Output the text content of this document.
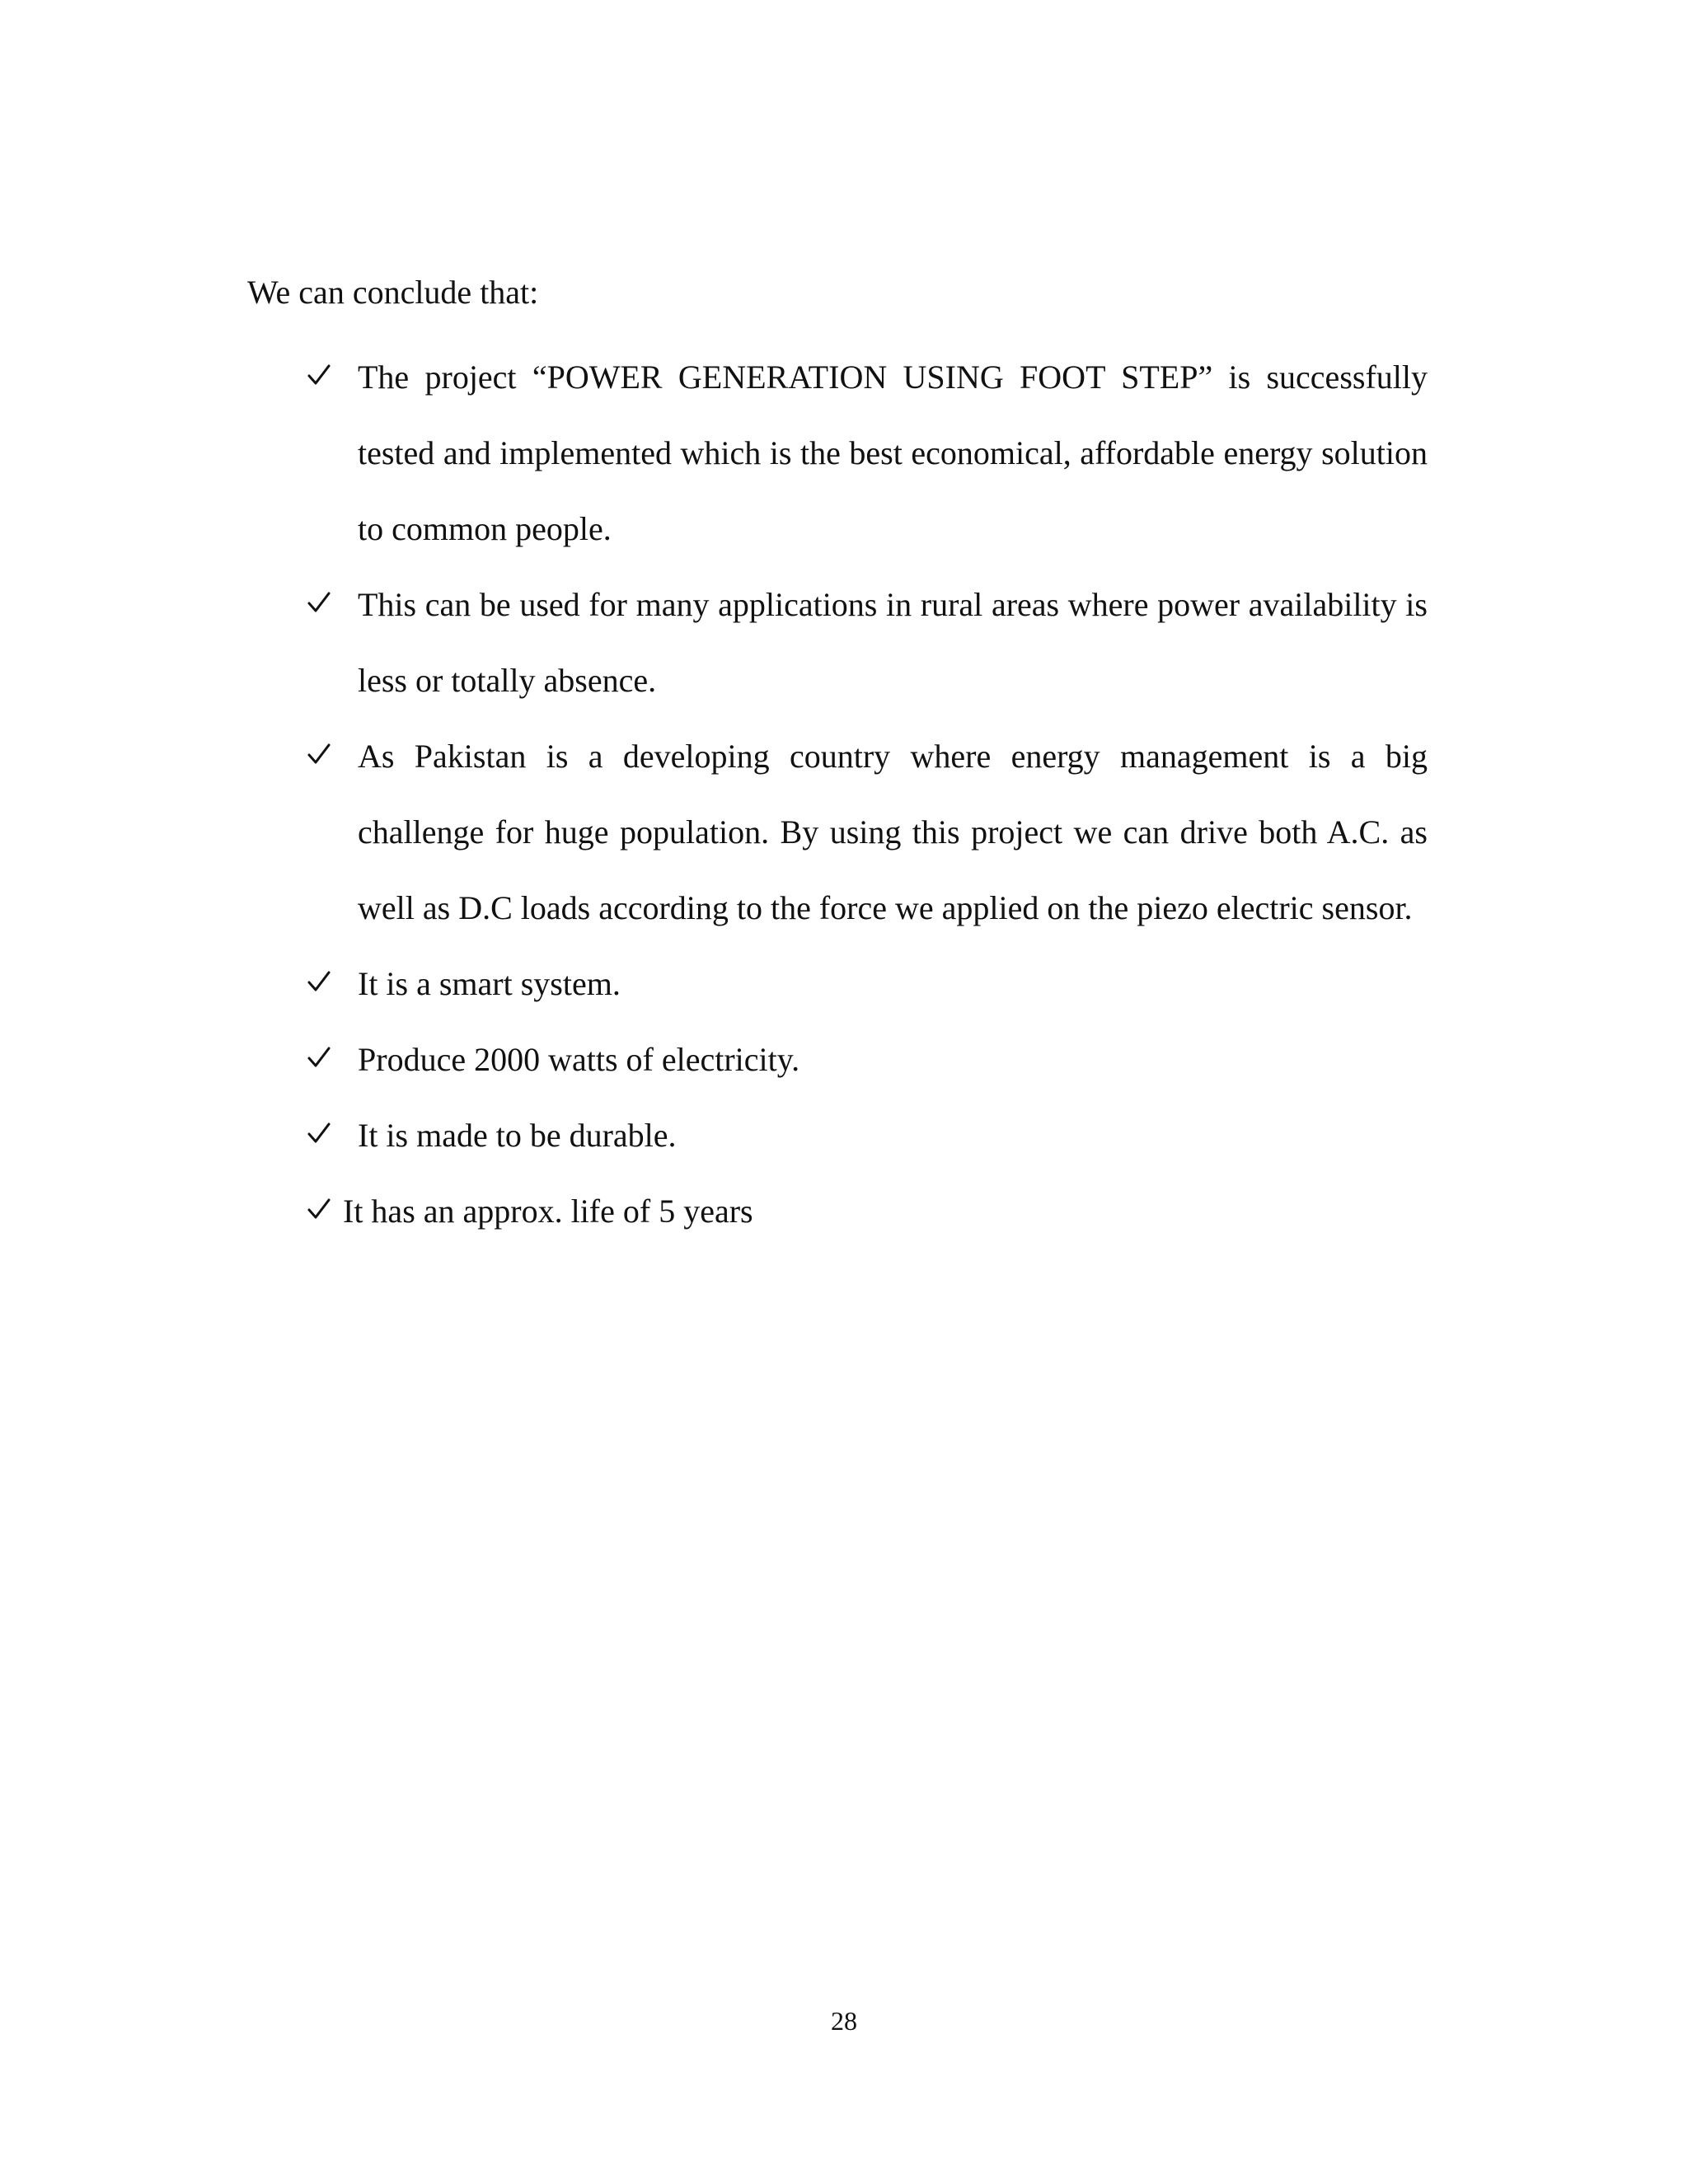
We can conclude that:

The project “POWER GENERATION USING FOOT STEP” is successfully tested and implemented which is the best economical, affordable energy solution to common people.
This can be used for many applications in rural areas where power availability is less or totally absence.
As Pakistan is a developing country where energy management is a big challenge for huge population. By using this project we can drive both A.C. as well as D.C loads according to the force we applied on the piezo electric sensor.
It is a smart system.
Produce 2000 watts of electricity.
It is made to be durable.
It has an approx. life of 5 years

28
